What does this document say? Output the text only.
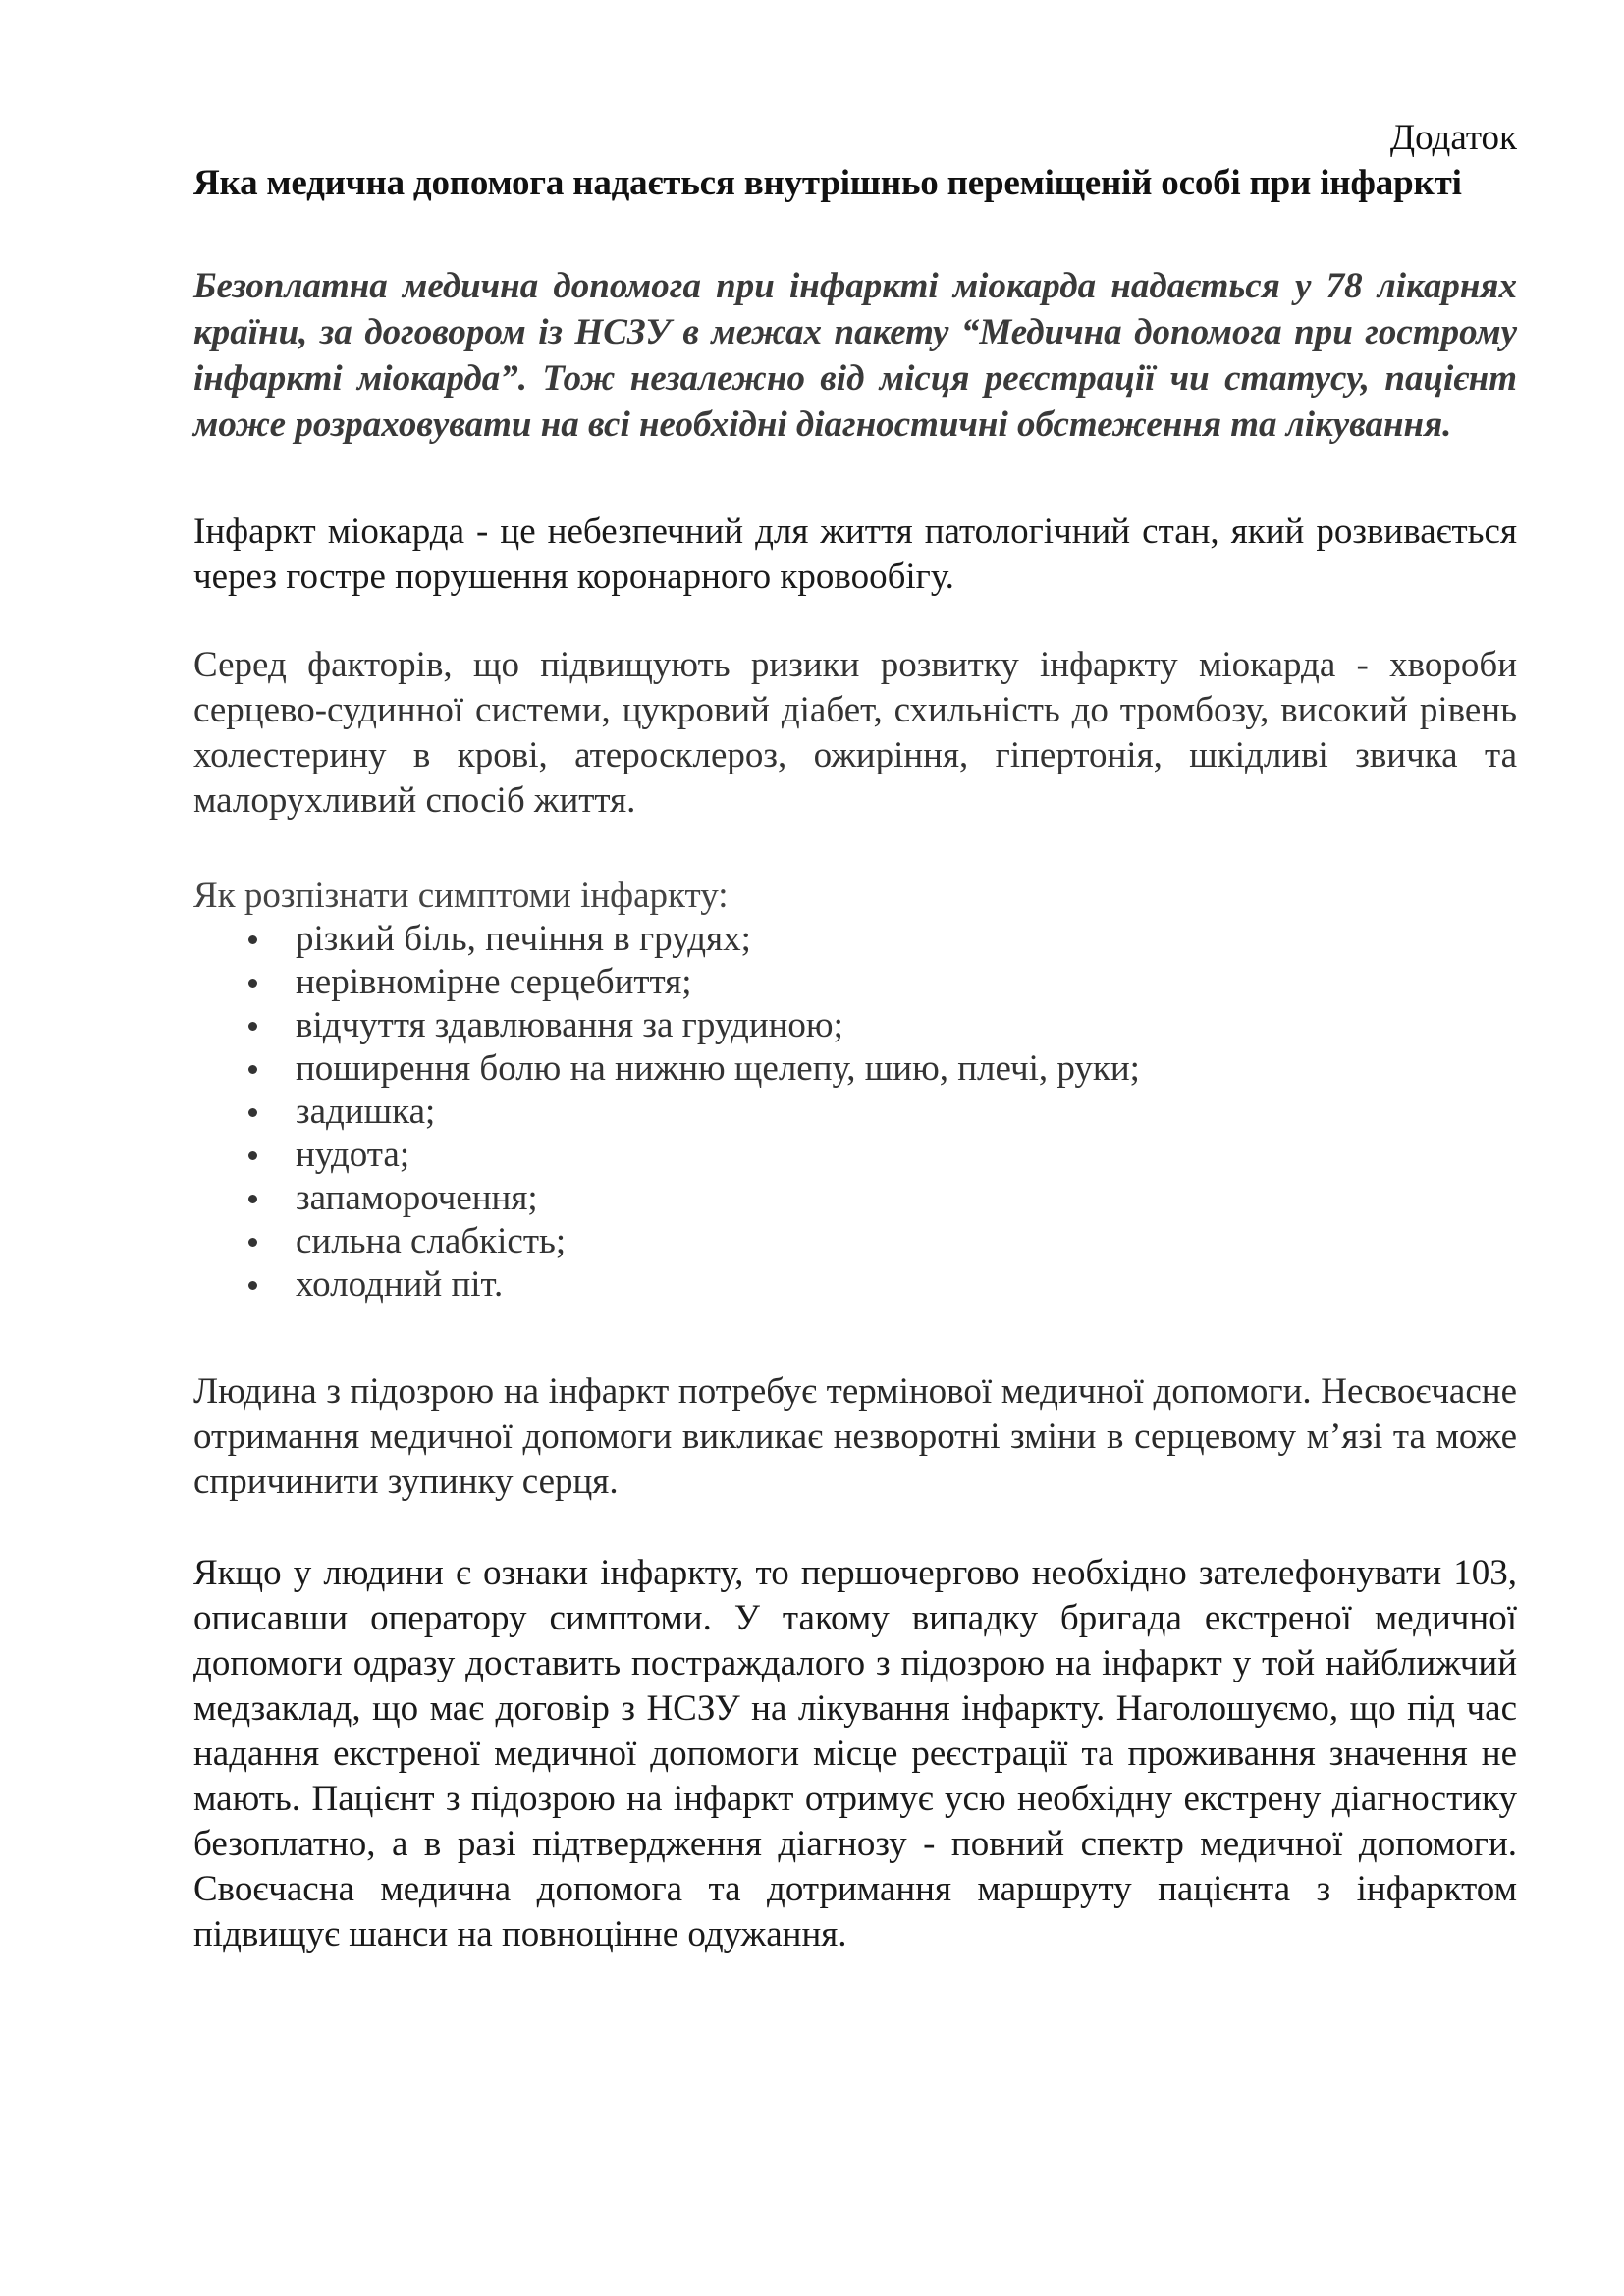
Додаток

Яка медична допомога надається внутрішньо переміщеній особі при інфаркті

Безоплатна медична допомога при інфаркті міокарда надається у 78 лікарнях країни, за договором із НСЗУ в межах пакету “Медична допомога при гострому інфаркті міокарда”. Тож незалежно від місця реєстрації чи статусу, пацієнт може розраховувати на всі необхідні діагностичні обстеження та лікування.

Інфаркт міокарда - це небезпечний для життя патологічний стан, який розвивається через гостре порушення коронарного кровообігу.

Серед факторів, що підвищують ризики розвитку інфаркту міокарда - хвороби серцево-судинної системи, цукровий діабет, схильність до тромбозу, високий рівень холестерину в крові, атеросклероз, ожиріння, гіпертонія, шкідливі звичка та малорухливий спосіб життя.

Як розпізнати симптоми інфаркту:

різкий біль, печіння в грудях;
нерівномірне серцебиття;
відчуття здавлювання за грудиною;
поширення болю на нижню щелепу, шию, плечі, руки;
задишка;
нудота;
запаморочення;
сильна слабкість;
холодний піт.

Людина з підозрою на інфаркт потребує термінової медичної допомоги. Несвоєчасне отримання медичної допомоги викликає незворотні зміни в серцевому м’язі та може спричинити зупинку серця.

Якщо у людини є ознаки інфаркту, то першочергово необхідно зателефонувати 103, описавши оператору симптоми. У такому випадку бригада екстреної медичної допомоги одразу доставить постраждалого з підозрою на інфаркт у той найближчий медзаклад, що має договір з НСЗУ на лікування інфаркту. Наголошуємо, що під час надання екстреної медичної допомоги місце реєстрації та проживання значення не мають. Пацієнт з підозрою на інфаркт отримує усю необхідну екстрену діагностику безоплатно, а в разі підтвердження діагнозу - повний спектр медичної допомоги. Своєчасна медична допомога та дотримання маршруту пацієнта з інфарктом підвищує шанси на повноцінне одужання.
